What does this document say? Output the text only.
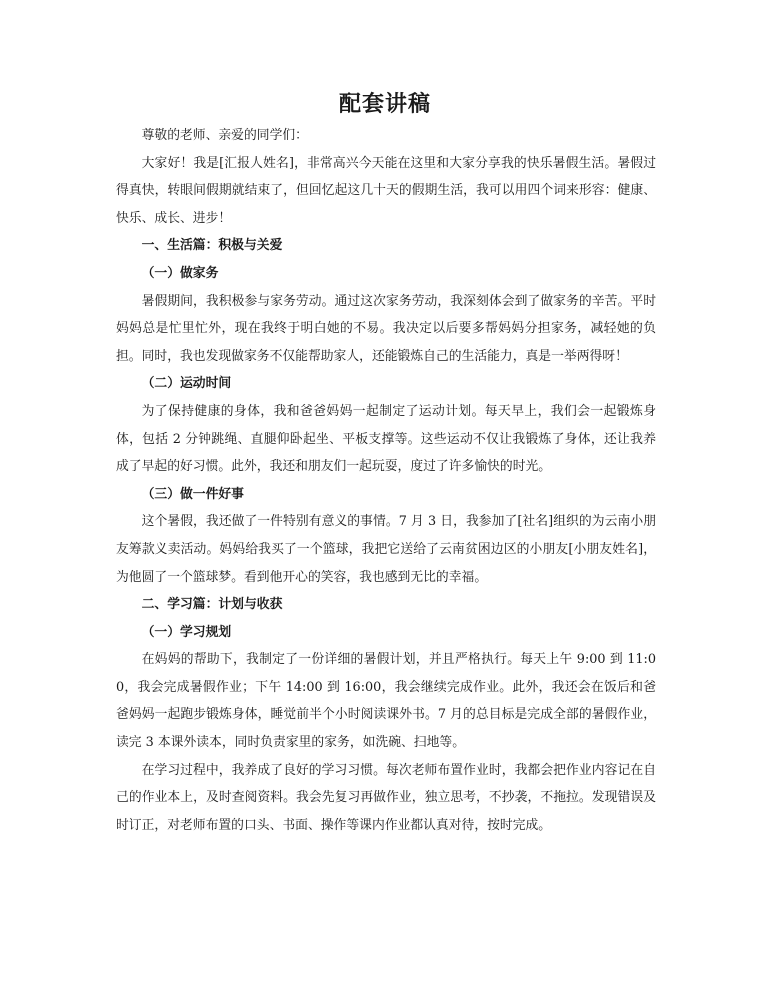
配套讲稿

尊敬的老师、亲爱的同学们：

大家好！我是[汇报人姓名]，非常高兴今天能在这里和大家分享我的快乐暑假生活。暑假过得真快，转眼间假期就结束了，但回忆起这几十天的假期生活，我可以用四个词来形容：健康、快乐、成长、进步！

一、生活篇：积极与关爱
（一）做家务

暑假期间，我积极参与家务劳动。通过这次家务劳动，我深刻体会到了做家务的辛苦。平时妈妈总是忙里忙外，现在我终于明白她的不易。我决定以后要多帮妈妈分担家务，减轻她的负担。同时，我也发现做家务不仅能帮助家人，还能锻炼自己的生活能力，真是一举两得呀！

（二）运动时间

为了保持健康的身体，我和爸爸妈妈一起制定了运动计划。每天早上，我们会一起锻炼身体，包括 2 分钟跳绳、直腿仰卧起坐、平板支撑等。这些运动不仅让我锻炼了身体，还让我养成了早起的好习惯。此外，我还和朋友们一起玩耍，度过了许多愉快的时光。

（三）做一件好事

这个暑假，我还做了一件特别有意义的事情。7 月 3 日，我参加了[社名]组织的为云南小朋友筹款义卖活动。妈妈给我买了一个篮球，我把它送给了云南贫困边区的小朋友[小朋友姓名]，为他圆了一个篮球梦。看到他开心的笑容，我也感到无比的幸福。

二、学习篇：计划与收获
（一）学习规划

在妈妈的帮助下，我制定了一份详细的暑假计划，并且严格执行。每天上午 9:00 到 11:00，我会完成暑假作业；下午 14:00 到 16:00，我会继续完成作业。此外，我还会在饭后和爸爸妈妈一起跑步锻炼身体，睡觉前半个小时阅读课外书。7 月的总目标是完成全部的暑假作业，读完 3 本课外读本，同时负责家里的家务，如洗碗、扫地等。

在学习过程中，我养成了良好的学习习惯。每次老师布置作业时，我都会把作业内容记在自己的作业本上，及时查阅资料。我会先复习再做作业，独立思考，不抄袭，不拖拉。发现错误及时订正，对老师布置的口头、书面、操作等课内作业都认真对待，按时完成。
